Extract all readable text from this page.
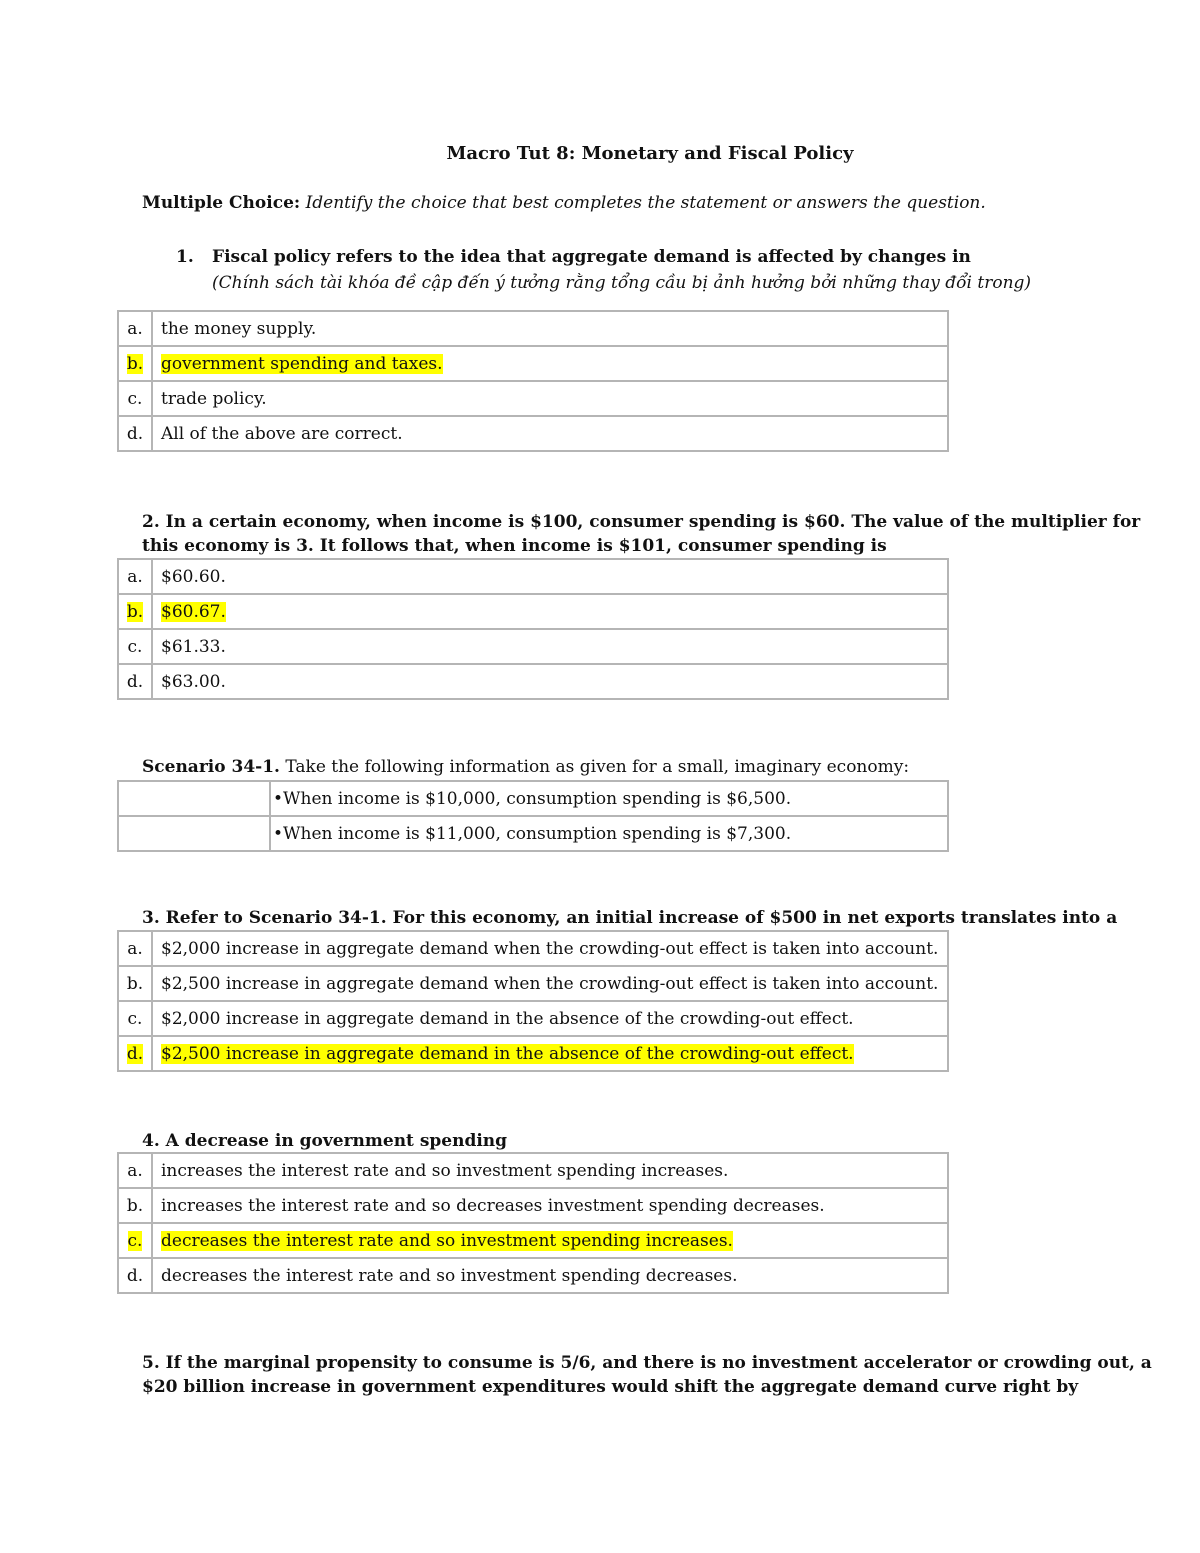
Macro Tut 8: Monetary and Fiscal Policy
Multiple Choice: Identify the choice that best completes the statement or answers the question.
1. Fiscal policy refers to the idea that aggregate demand is affected by changes in
(Chính sách tài khóa đề cập đến ý tưởng rằng tổng cầu bị ảnh hưởng bởi những thay đổi trong)
a.	the money supply.
b.	government spending and taxes.
c.	trade policy.
d.	All of the above are correct.
2. In a certain economy, when income is $100, consumer spending is $60. The value of the multiplier for this economy is 3. It follows that, when income is $101, consumer spending is
a.	$60.60.
b.	$60.67.
c.	$61.33.
d.	$63.00.
Scenario 34-1. Take the following information as given for a small, imaginary economy:
	•When income is $10,000, consumption spending is $6,500.
	•When income is $11,000, consumption spending is $7,300.
3. Refer to Scenario 34-1. For this economy, an initial increase of $500 in net exports translates into a
a.	$2,000 increase in aggregate demand when the crowding-out effect is taken into account.
b.	$2,500 increase in aggregate demand when the crowding-out effect is taken into account.
c.	$2,000 increase in aggregate demand in the absence of the crowding-out effect.
d.	$2,500 increase in aggregate demand in the absence of the crowding-out effect.
4. A decrease in government spending
a.	increases the interest rate and so investment spending increases.
b.	increases the interest rate and so decreases investment spending decreases.
c.	decreases the interest rate and so investment spending increases.
d.	decreases the interest rate and so investment spending decreases.
5. If the marginal propensity to consume is 5/6, and there is no investment accelerator or crowding out, a $20 billion increase in government expenditures would shift the aggregate demand curve right by
